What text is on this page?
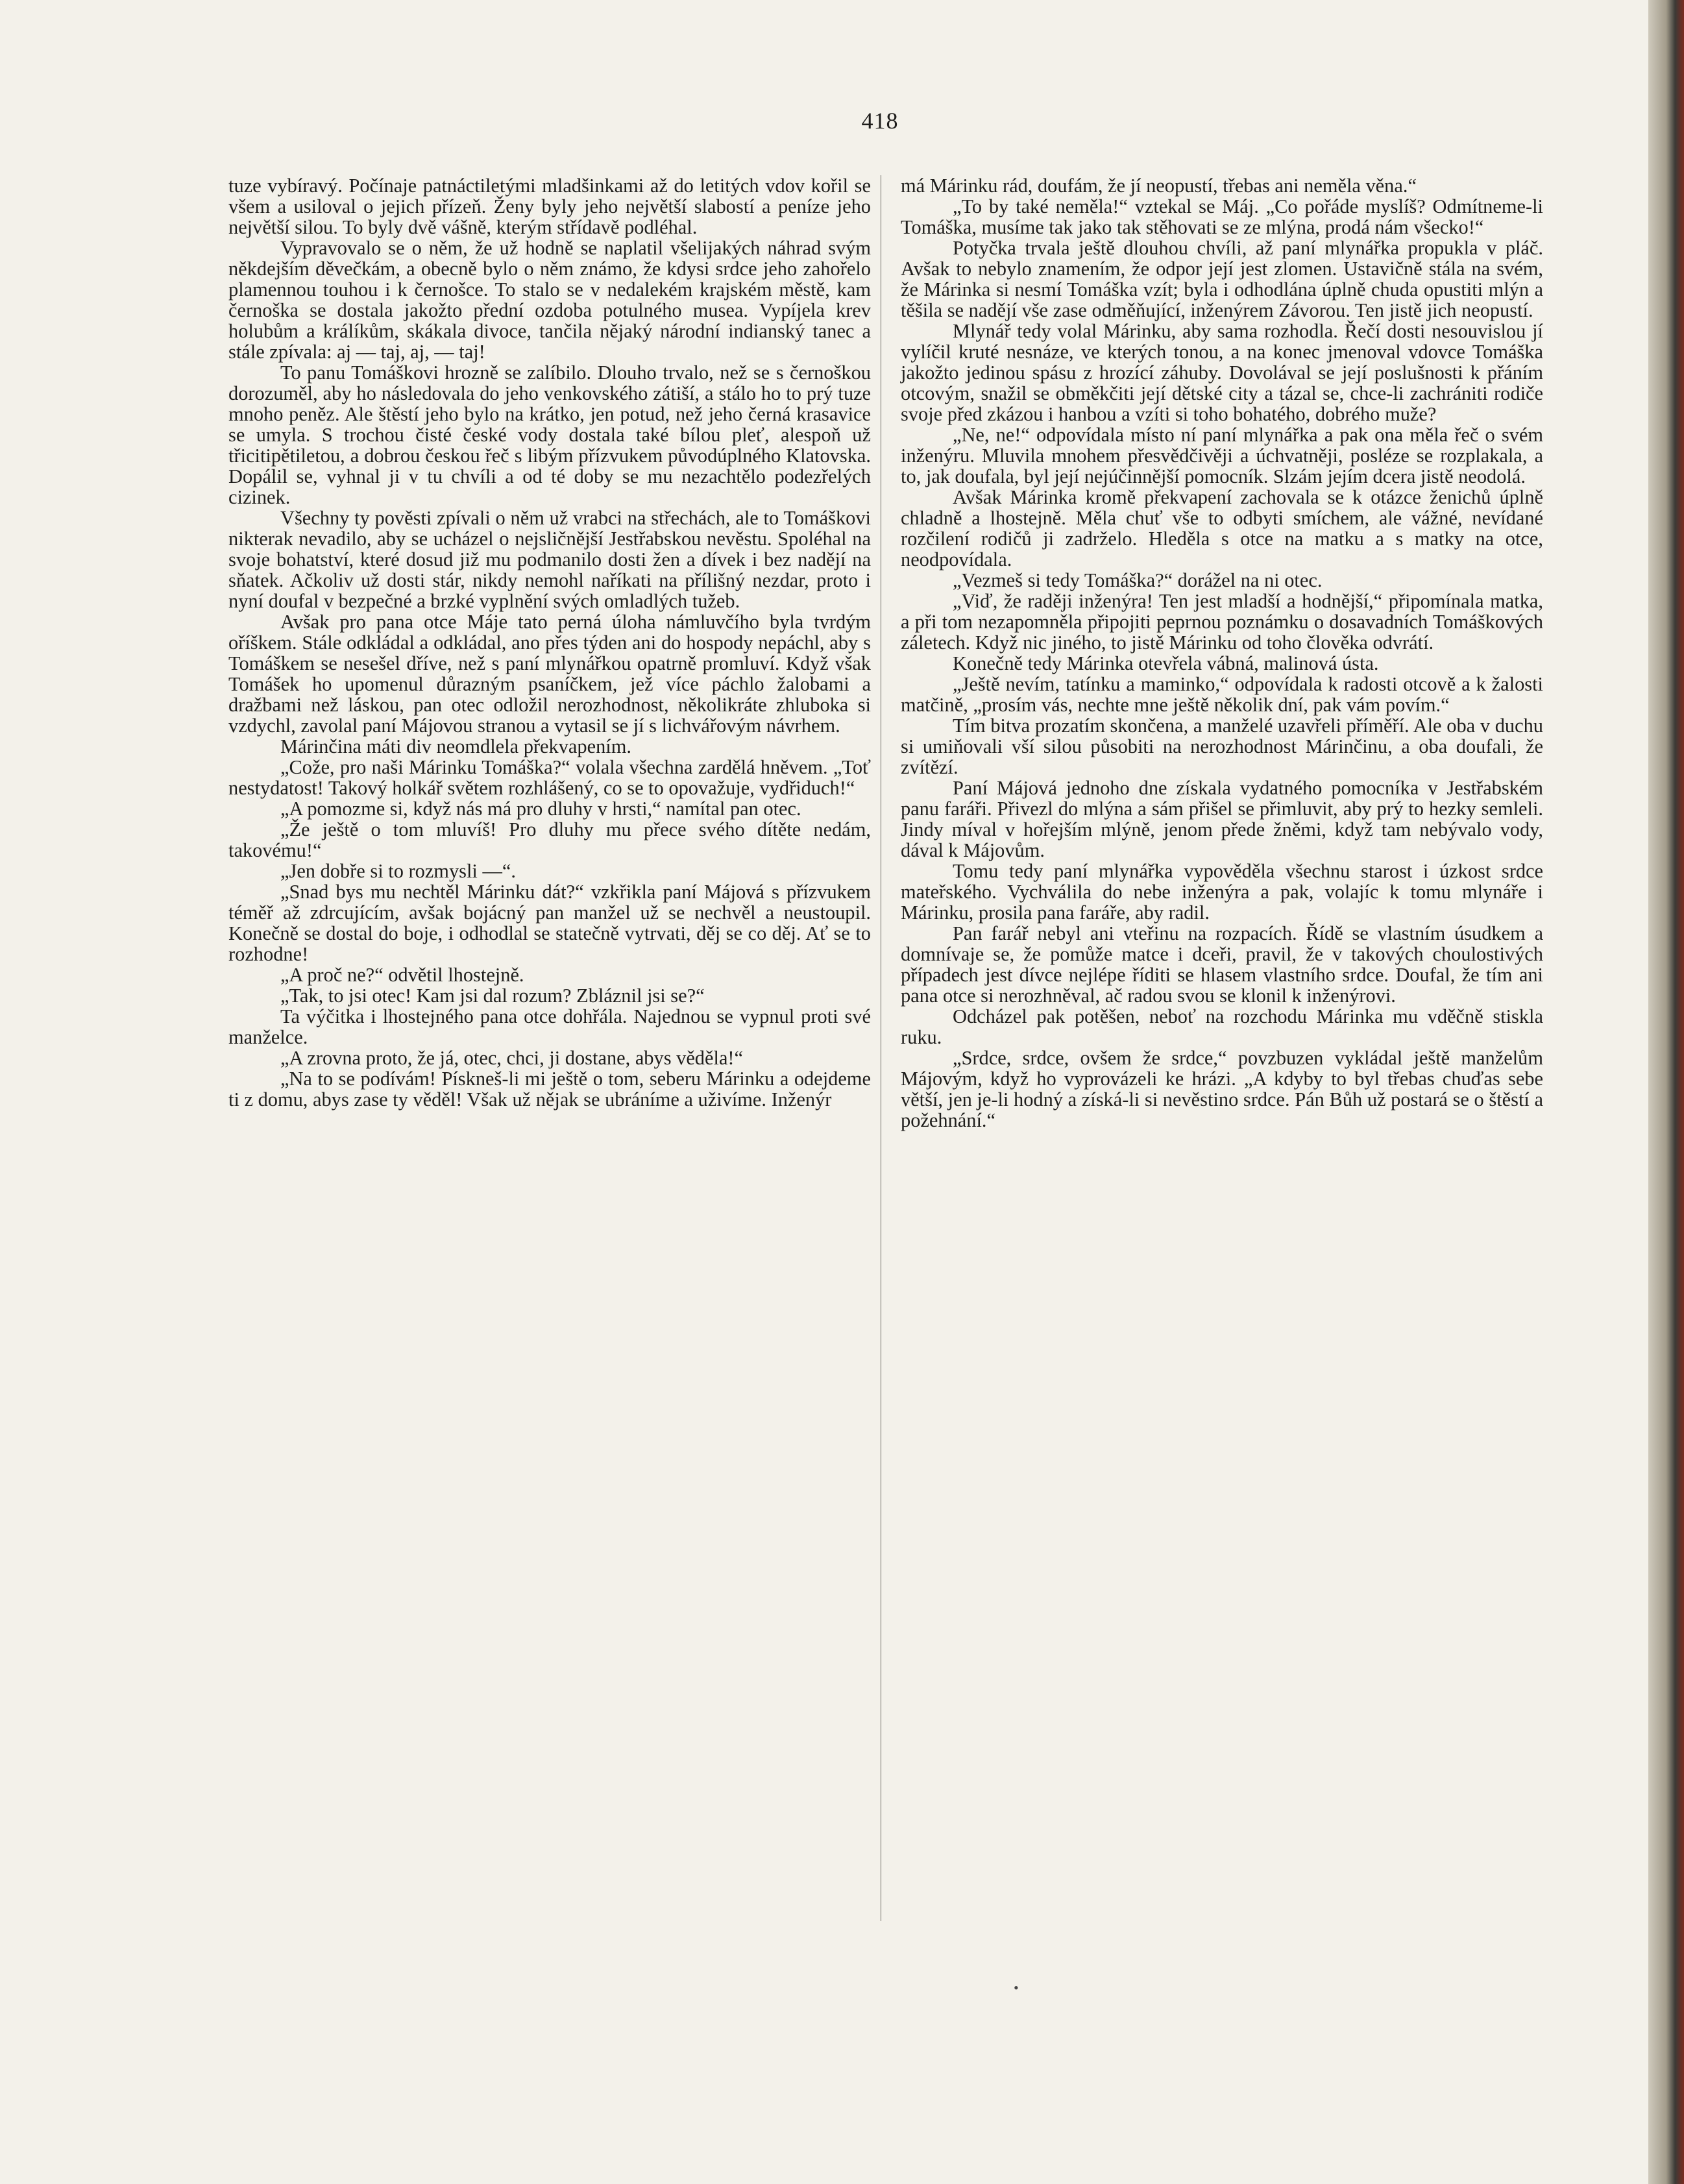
418

tuze vybíravý. Počínaje patnáctiletými mladšinkami až do letitých vdov kořil se všem a usiloval o jejich přízeň. Ženy byly jeho největší slabostí a peníze jeho největší silou. To byly dvě vášně, kterým střídavě podléhal.

Vypravovalo se o něm, že už hodně se naplatil všelijakých náhrad svým někdejším děvečkám, a obecně bylo o něm známo, že kdysi srdce jeho zahořelo plamennou touhou i k černošce. To stalo se v nedalekém krajském městě, kam černoška se dostala jakožto přední ozdoba potulného musea. Vypíjela krev holubům a králíkům, skákala divoce, tančila nějaký národní indianský tanec a stále zpívala: aj — taj, aj, — taj!

To panu Tomáškovi hrozně se zalíbilo. Dlouho trvalo, než se s černoškou dorozuměl, aby ho následovala do jeho venkovského zátiší, a stálo ho to prý tuze mnoho peněz. Ale štěstí jeho bylo na krátko, jen potud, než jeho černá krasavice se umyla. S trochou čisté české vody dostala také bílou pleť, alespoň už třicitipětiletou, a dobrou českou řeč s libým přízvukem původúplného Klatovska. Dopálil se, vyhnal ji v tu chvíli a od té doby se mu nezachtělo podezřelých cizinek.

Všechny ty pověsti zpívali o něm už vrabci na střechách, ale to Tomáškovi nikterak nevadilo, aby se ucházel o nejsličnější Jestřabskou nevěstu. Spoléhal na svoje bohatství, které dosud již mu podmanilo dosti žen a dívek i bez nadějí na sňatek. Ačkoliv už dosti stár, nikdy nemohl naříkati na přílišný nezdar, proto i nyní doufal v bezpečné a brzké vyplnění svých omladlých tužeb.

Avšak pro pana otce Máje tato perná úloha námluvčího byla tvrdým oříškem. Stále odkládal a odkládal, ano přes týden ani do hospody nepáchl, aby s Tomáškem se nesešel dříve, než s paní mlynářkou opatrně promluví. Když však Tomášek ho upomenul důrazným psaníčkem, jež více páchlo žalobami a dražbami než láskou, pan otec odložil nerozhodnost, několikráte zhluboka si vzdychl, zavolal paní Májovou stranou a vytasil se jí s lichvářovým návrhem.

Márinčina máti div neomdlela překvapením.

„Cože, pro naši Márinku Tomáška?“ volala všechna zardělá hněvem. „Toť nestydatost! Takový holkář světem rozhlášený, co se to opovažuje, vydřiduch!“

„A pomozme si, když nás má pro dluhy v hrsti,“ namítal pan otec.

„Že ještě o tom mluvíš! Pro dluhy mu přece svého dítěte nedám, takovému!“

„Jen dobře si to rozmysli —“.

„Snad bys mu nechtěl Márinku dát?“ vzkřikla paní Májová s přízvukem téměř až zdrcujícím, avšak bojácný pan manžel už se nechvěl a neustoupil. Konečně se dostal do boje, i odhodlal se statečně vytrvati, děj se co děj. Ať se to rozhodne!

„A proč ne?“ odvětil lhostejně.

„Tak, to jsi otec! Kam jsi dal rozum? Zbláznil jsi se?“

Ta výčitka i lhostejného pana otce dohřála. Najednou se vypnul proti své manželce.

„A zrovna proto, že já, otec, chci, ji dostane, abys věděla!“

„Na to se podívám! Pískneš-li mi ještě o tom, seberu Márinku a odejdeme ti z domu, abys zase ty věděl! Však už nějak se ubráníme a uživíme. Inženýr

má Márinku rád, doufám, že jí neopustí, třebas ani neměla věna.“

„To by také neměla!“ vztekal se Máj. „Co pořáde myslíš? Odmítneme-li Tomáška, musíme tak jako tak stěhovati se ze mlýna, prodá nám všecko!“

Potyčka trvala ještě dlouhou chvíli, až paní mlynářka propukla v pláč. Avšak to nebylo znamením, že odpor její jest zlomen. Ustavičně stála na svém, že Márinka si nesmí Tomáška vzít; byla i odhodlána úplně chuda opustiti mlýn a těšila se nadějí vše zase odměňující, inženýrem Závorou. Ten jistě jich neopustí.

Mlynář tedy volal Márinku, aby sama rozhodla. Řečí dosti nesouvislou jí vylíčil kruté nesnáze, ve kterých tonou, a na konec jmenoval vdovce Tomáška jakožto jedinou spásu z hrozící záhuby. Dovolával se její poslušnosti k přáním otcovým, snažil se obměkčiti její dětské city a tázal se, chce-li zachrániti rodiče svoje před zkázou i hanbou a vzíti si toho bohatého, dobrého muže?

„Ne, ne!“ odpovídala místo ní paní mlynářka a pak ona měla řeč o svém inženýru. Mluvila mnohem přesvědčivěji a úchvatněji, posléze se rozplakala, a to, jak doufala, byl její nejúčinnější pomocník. Slzám jejím dcera jistě neodolá.

Avšak Márinka kromě překvapení zachovala se k otázce ženichů úplně chladně a lhostejně. Měla chuť vše to odbyti smíchem, ale vážné, nevídané rozčilení rodičů ji zadrželo. Hleděla s otce na matku a s matky na otce, neodpovídala.

„Vezmeš si tedy Tomáška?“ dorážel na ni otec.

„Viď, že raději inženýra! Ten jest mladší a hodnější,“ připomínala matka, a při tom nezapomněla připojiti peprnou poznámku o dosavadních Tomáškových záletech. Když nic jiného, to jistě Márinku od toho člověka odvrátí.

Konečně tedy Márinka otevřela vábná, malinová ústa.

„Ještě nevím, tatínku a maminko,“ odpovídala k radosti otcově a k žalosti matčině, „prosím vás, nechte mne ještě několik dní, pak vám povím.“

Tím bitva prozatím skončena, a manželé uzavřeli příměří. Ale oba v duchu si umiňovali vší silou působiti na nerozhodnost Márinčinu, a oba doufali, že zvítězí.

Paní Májová jednoho dne získala vydatného pomocníka v Jestřabském panu faráři. Přivezl do mlýna a sám přišel se přimluvit, aby prý to hezky semleli. Jindy míval v hořejším mlýně, jenom přede žněmi, když tam nebývalo vody, dával k Májovům.

Tomu tedy paní mlynářka vypověděla všechnu starost i úzkost srdce mateřského. Vychválila do nebe inženýra a pak, volajíc k tomu mlynáře i Márinku, prosila pana faráře, aby radil.

Pan farář nebyl ani vteřinu na rozpacích. Řídě se vlastním úsudkem a domnívaje se, že pomůže matce i dceři, pravil, že v takových choulostivých případech jest dívce nejlépe říditi se hlasem vlastního srdce. Doufal, že tím ani pana otce si nerozhněval, ač radou svou se klonil k inženýrovi.

Odcházel pak potěšen, neboť na rozchodu Márinka mu vděčně stiskla ruku.

„Srdce, srdce, ovšem že srdce,“ povzbuzen vykládal ještě manželům Májovým, když ho vyprovázeli ke hrázi. „A kdyby to byl třebas chuďas sebe větší, jen je-li hodný a získá-li si nevěstino srdce. Pán Bůh už postará se o štěstí a požehnání.“

•
